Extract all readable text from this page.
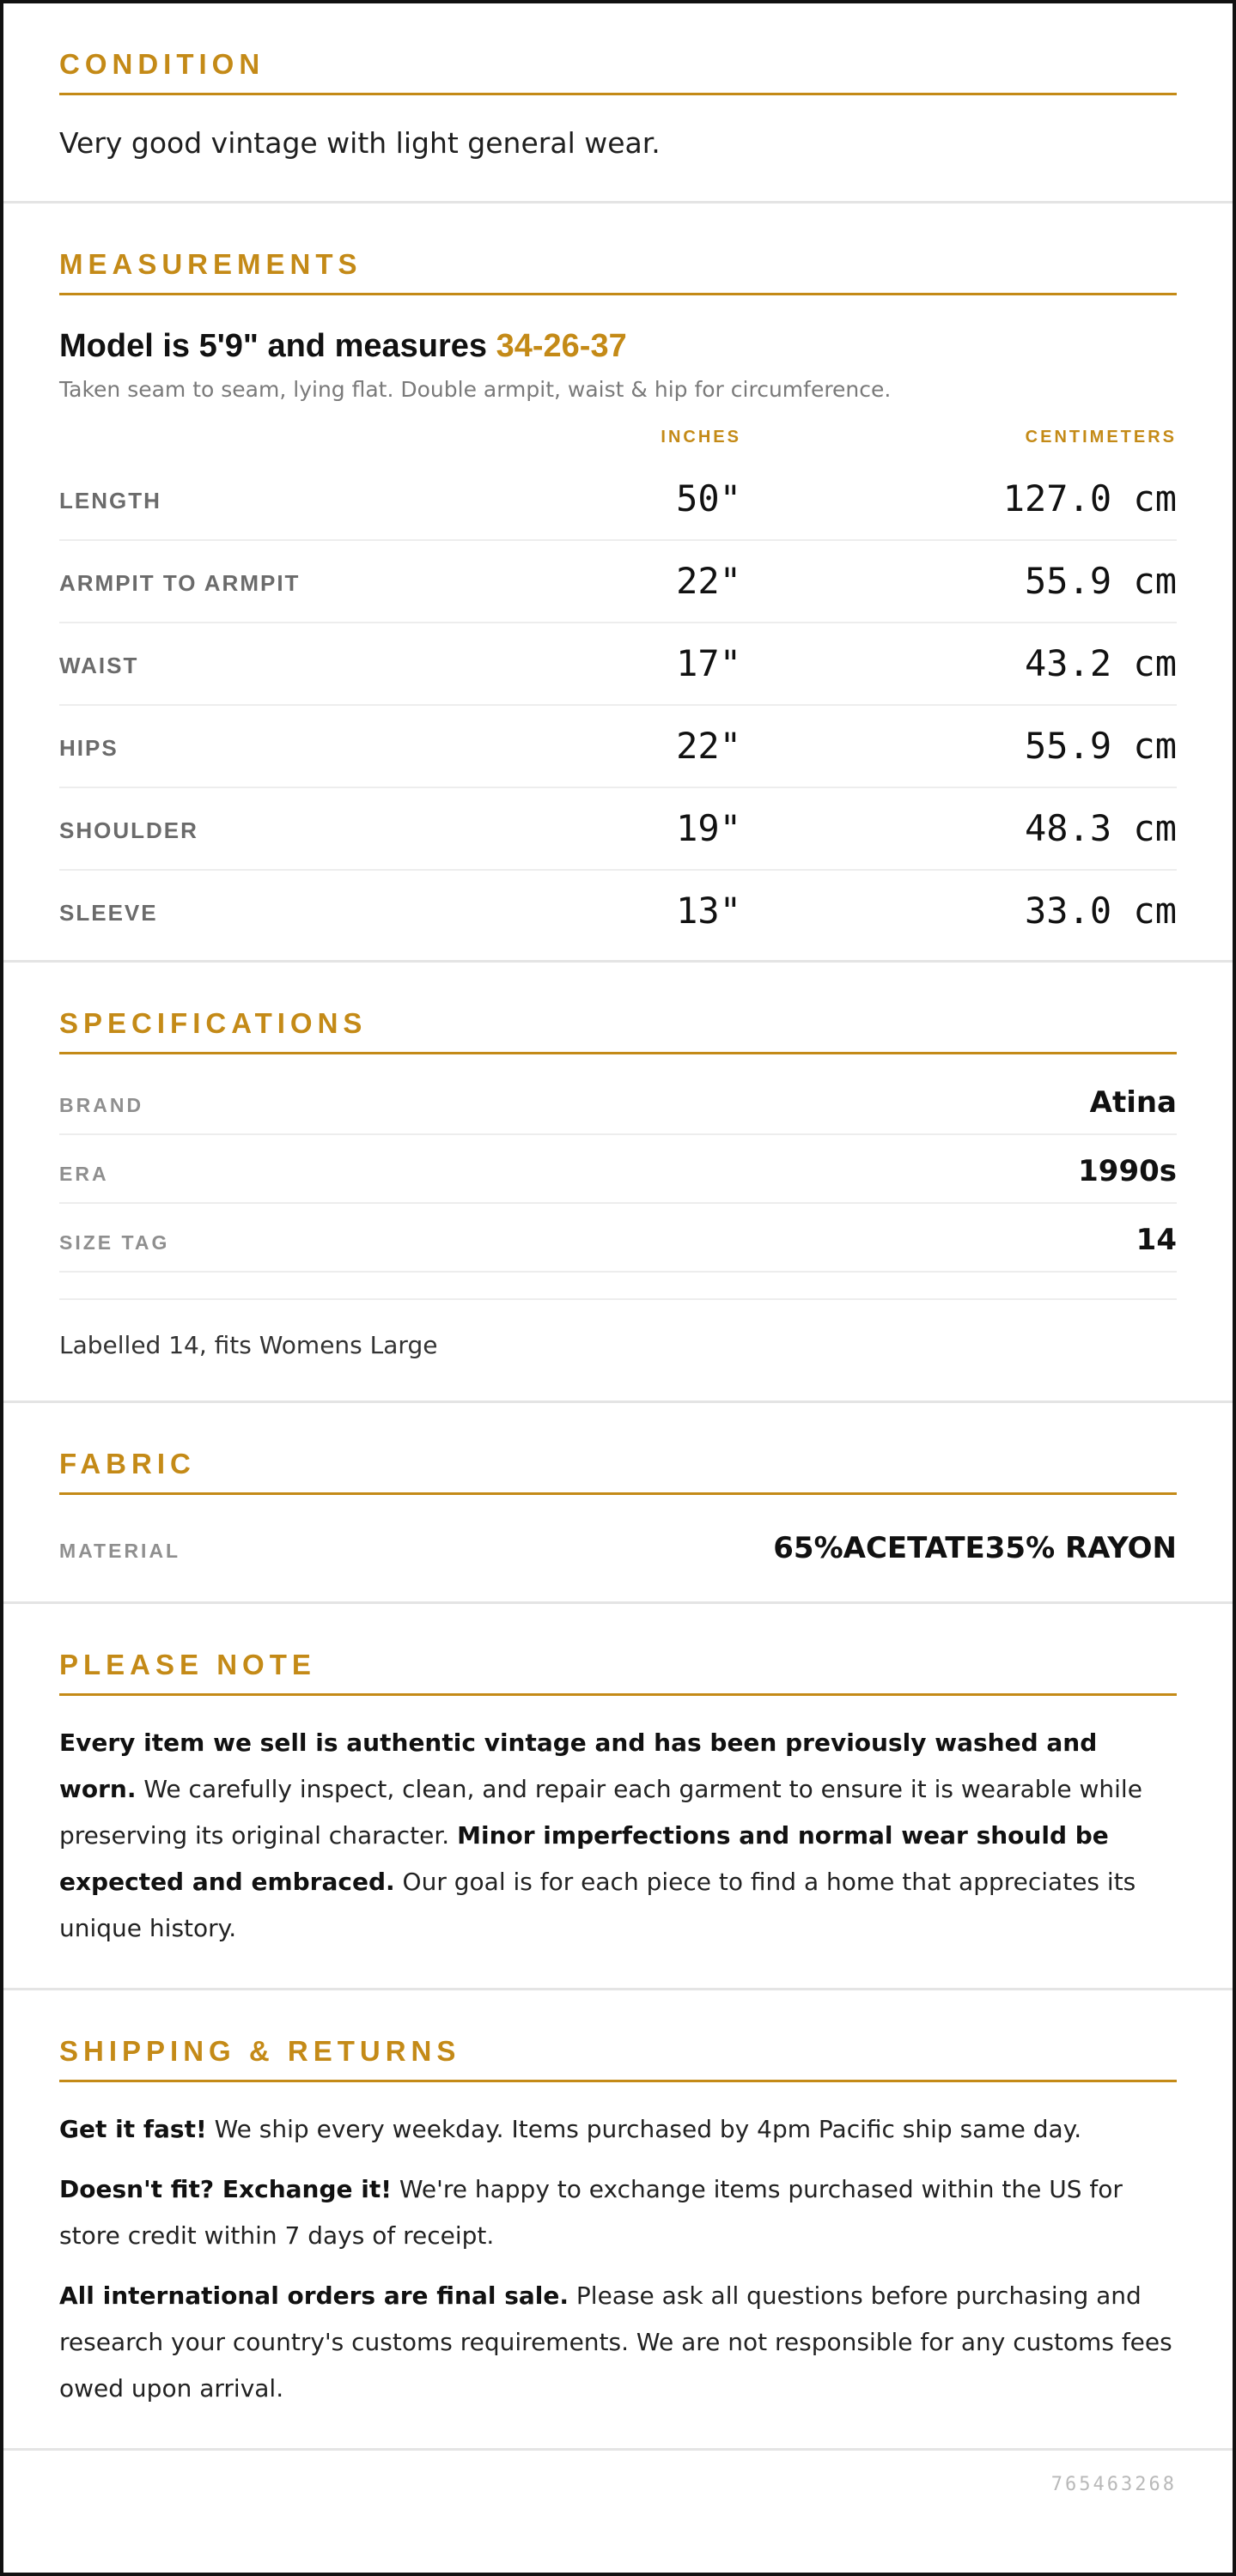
CONDITION

Very good vintage with light general wear.

MEASUREMENTS

Model is 5'9" and measures 34-26-37

Taken seam to seam, lying flat. Double armpit, waist & hip for circumference.

INCHES	CENTIMETERS
LENGTH	50"	127.0 cm
ARMPIT TO ARMPIT	22"	55.9 cm
WAIST	17"	43.2 cm
HIPS	22"	55.9 cm
SHOULDER	19"	48.3 cm
SLEEVE	13"	33.0 cm
SPECIFICATIONS
BRAND	Atina
ERA	1990s
SIZE TAG	14

Labelled 14, fits Womens Large

FABRIC
MATERIAL	65%ACETATE35% RAYON
PLEASE NOTE

Every item we sell is authentic vintage and has been previously washed and worn. We carefully inspect, clean, and repair each garment to ensure it is wearable while preserving its original character. Minor imperfections and normal wear should be expected and embraced. Our goal is for each piece to find a home that appreciates its unique history.

SHIPPING & RETURNS

Get it fast! We ship every weekday. Items purchased by 4pm Pacific ship same day.

Doesn't fit? Exchange it! We're happy to exchange items purchased within the US for store credit within 7 days of receipt.

All international orders are final sale. Please ask all questions before purchasing and research your country's customs requirements. We are not responsible for any customs fees owed upon arrival.

765463268
